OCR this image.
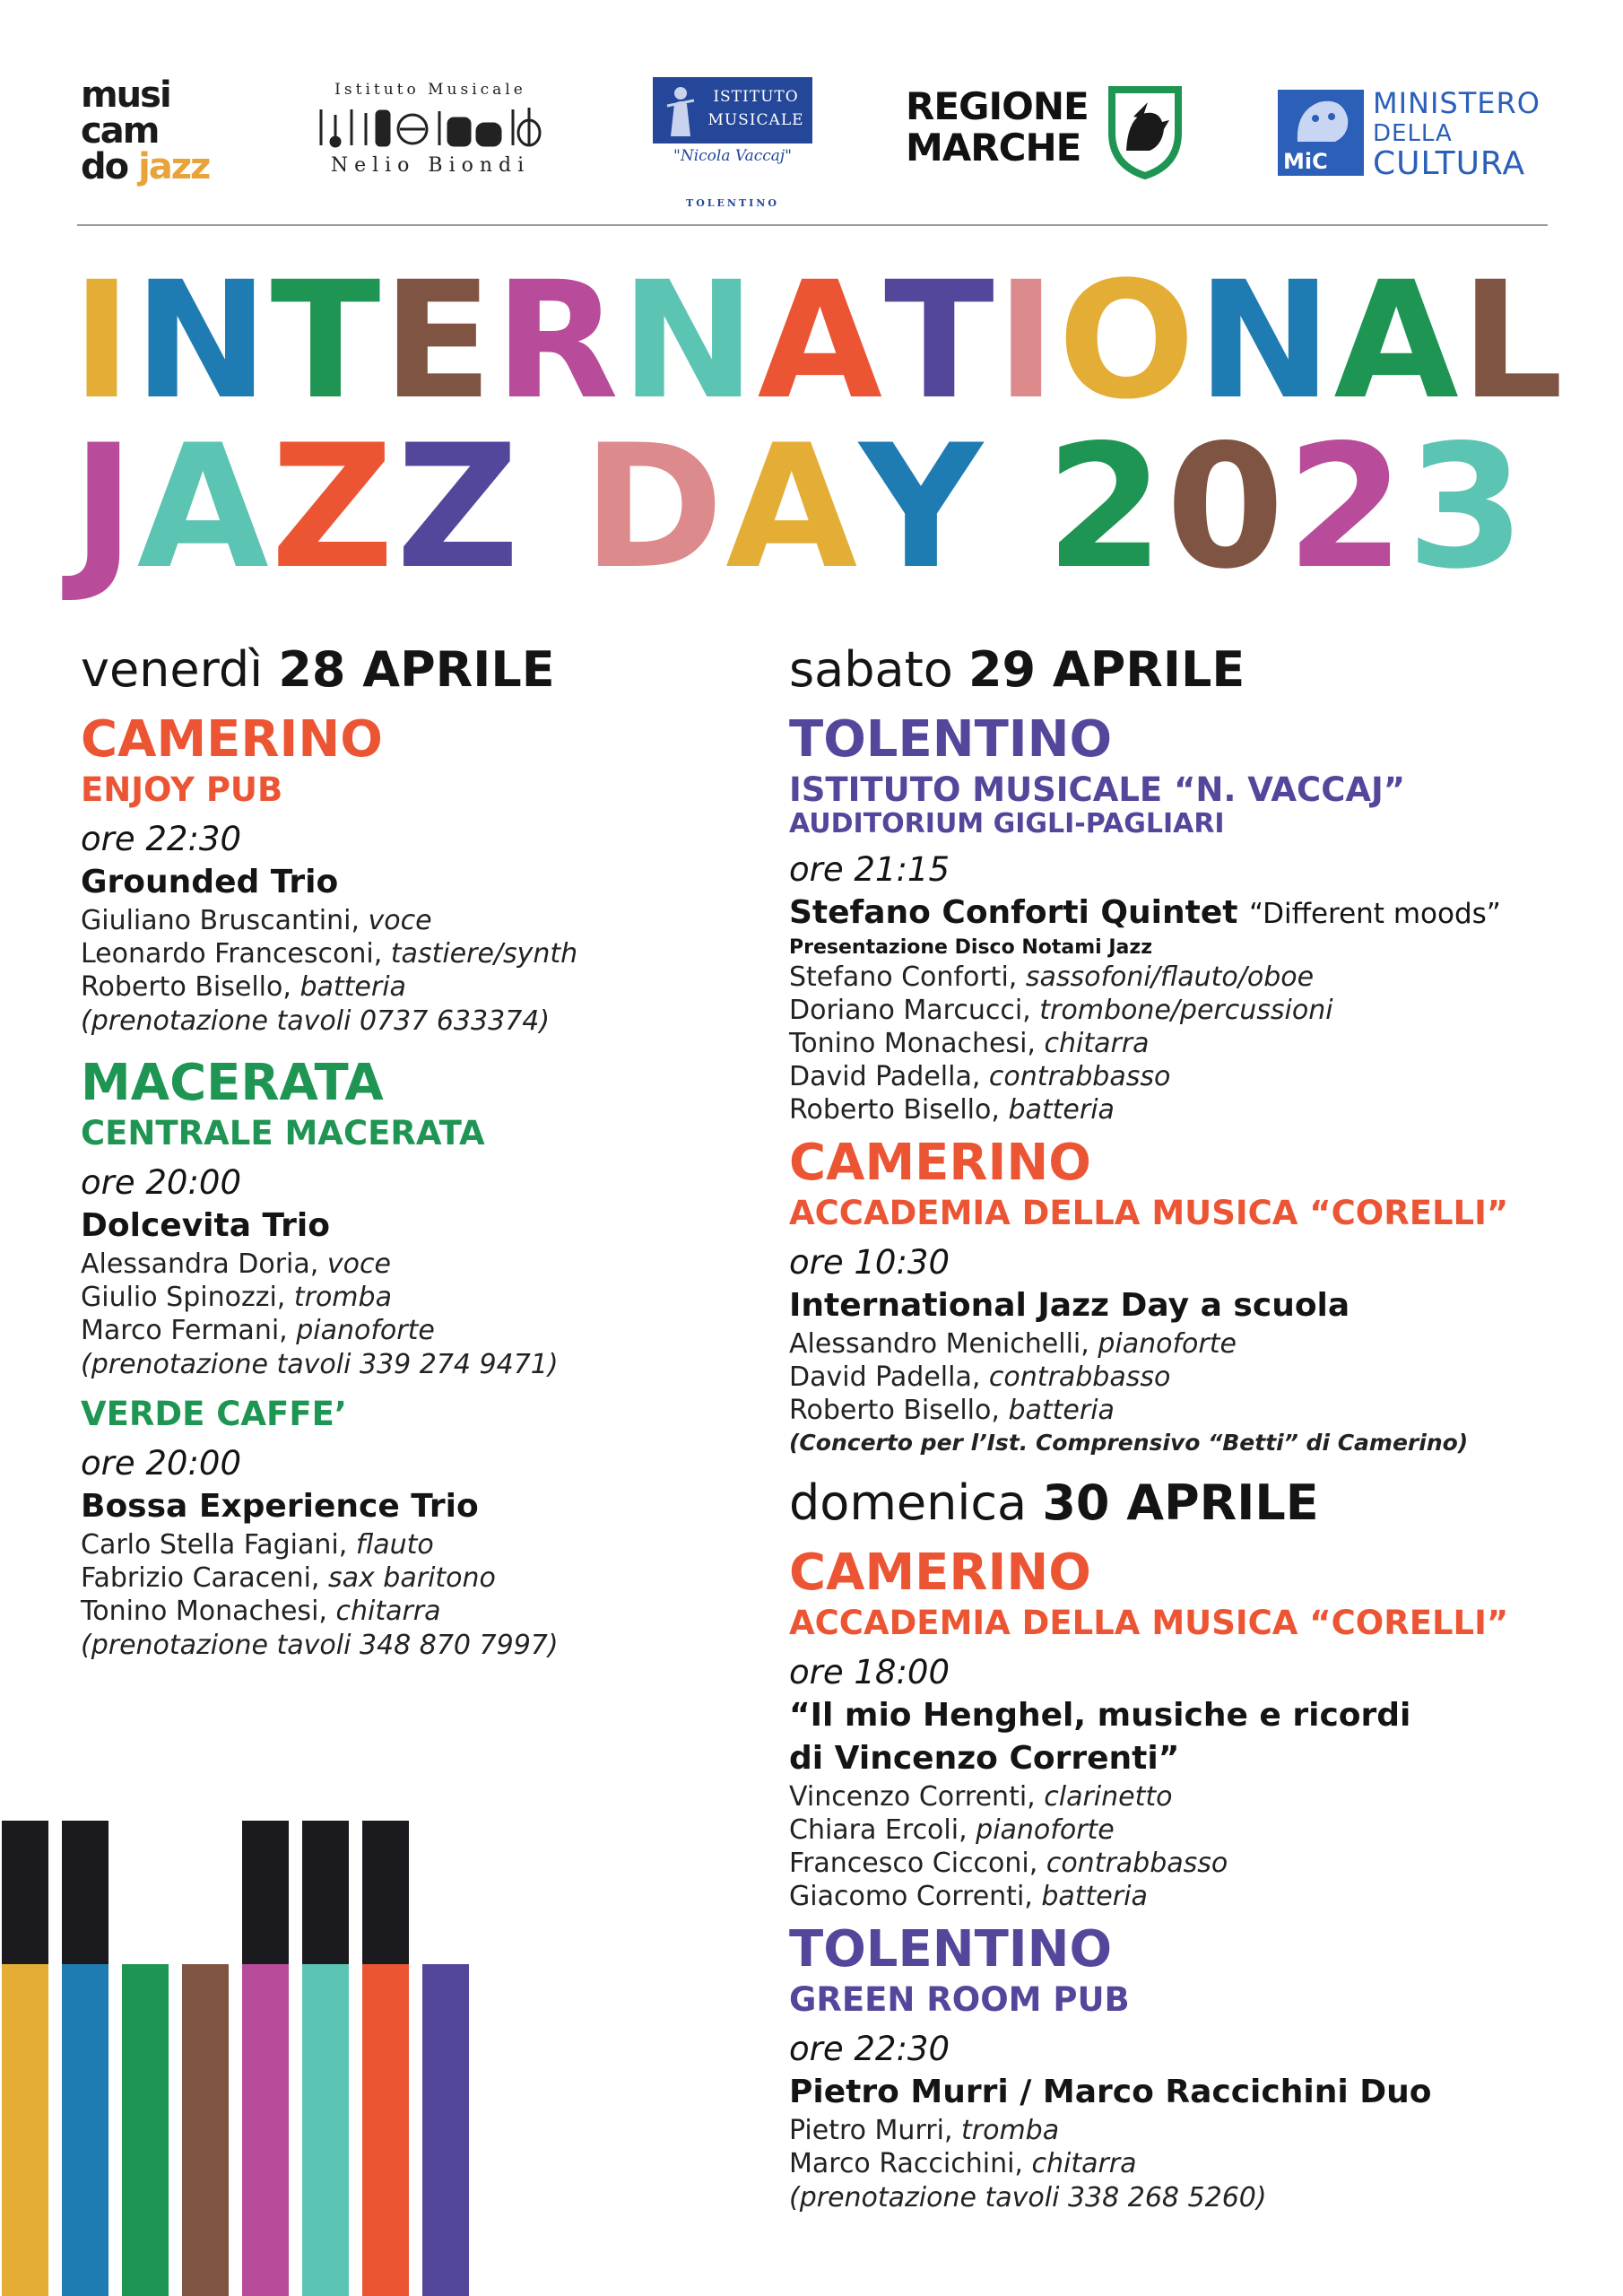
musi
cam
do jazz
Istituto Musicale
Nelio Biondi
ISTITUTO
MUSICALE
"Nicola Vaccaj"
TOLENTINO
REGIONE
MARCHE	MiC
MINISTERO
DELLA
CULTURA
INTERNATIONAL
JAZZ DAY 2023
venerdì 28 APRILE
CAMERINO
ENJOY PUB
ore 22:30
Grounded Trio
Giuliano Bruscantini, voce
Leonardo Francesconi, tastiere/synth
Roberto Bisello, batteria
(prenotazione tavoli 0737 633374)
MACERATA
CENTRALE MACERATA
ore 20:00
Dolcevita Trio
Alessandra Doria, voce
Giulio Spinozzi, tromba
Marco Fermani, pianoforte
(prenotazione tavoli 339 274 9471)
VERDE CAFFE’
ore 20:00
Bossa Experience Trio
Carlo Stella Fagiani, flauto
Fabrizio Caraceni, sax baritono
Tonino Monachesi, chitarra
(prenotazione tavoli 348 870 7997)
sabato 29 APRILE
TOLENTINO
ISTITUTO MUSICALE “N. VACCAJ”
AUDITORIUM GIGLI-PAGLIARI
ore 21:15
Stefano Conforti Quintet “Different moods”
Presentazione Disco Notami Jazz
Stefano Conforti, sassofoni/flauto/oboe
Doriano Marcucci, trombone/percussioni
Tonino Monachesi, chitarra
David Padella, contrabbasso
Roberto Bisello, batteria
CAMERINO
ACCADEMIA DELLA MUSICA “CORELLI”
ore 10:30
International Jazz Day a scuola
Alessandro Menichelli, pianoforte
David Padella, contrabbasso
Roberto Bisello, batteria
(Concerto per l’Ist. Comprensivo “Betti” di Camerino)
domenica 30 APRILE
CAMERINO
ACCADEMIA DELLA MUSICA “CORELLI”
ore 18:00
“Il mio Henghel, musiche e ricordi
di Vincenzo Correnti”
Vincenzo Correnti, clarinetto
Chiara Ercoli, pianoforte
Francesco Cicconi, contrabbasso
Giacomo Correnti, batteria
TOLENTINO
GREEN ROOM PUB
ore 22:30
Pietro Murri / Marco Raccichini Duo
Pietro Murri, tromba
Marco Raccichini, chitarra
(prenotazione tavoli 338 268 5260)
